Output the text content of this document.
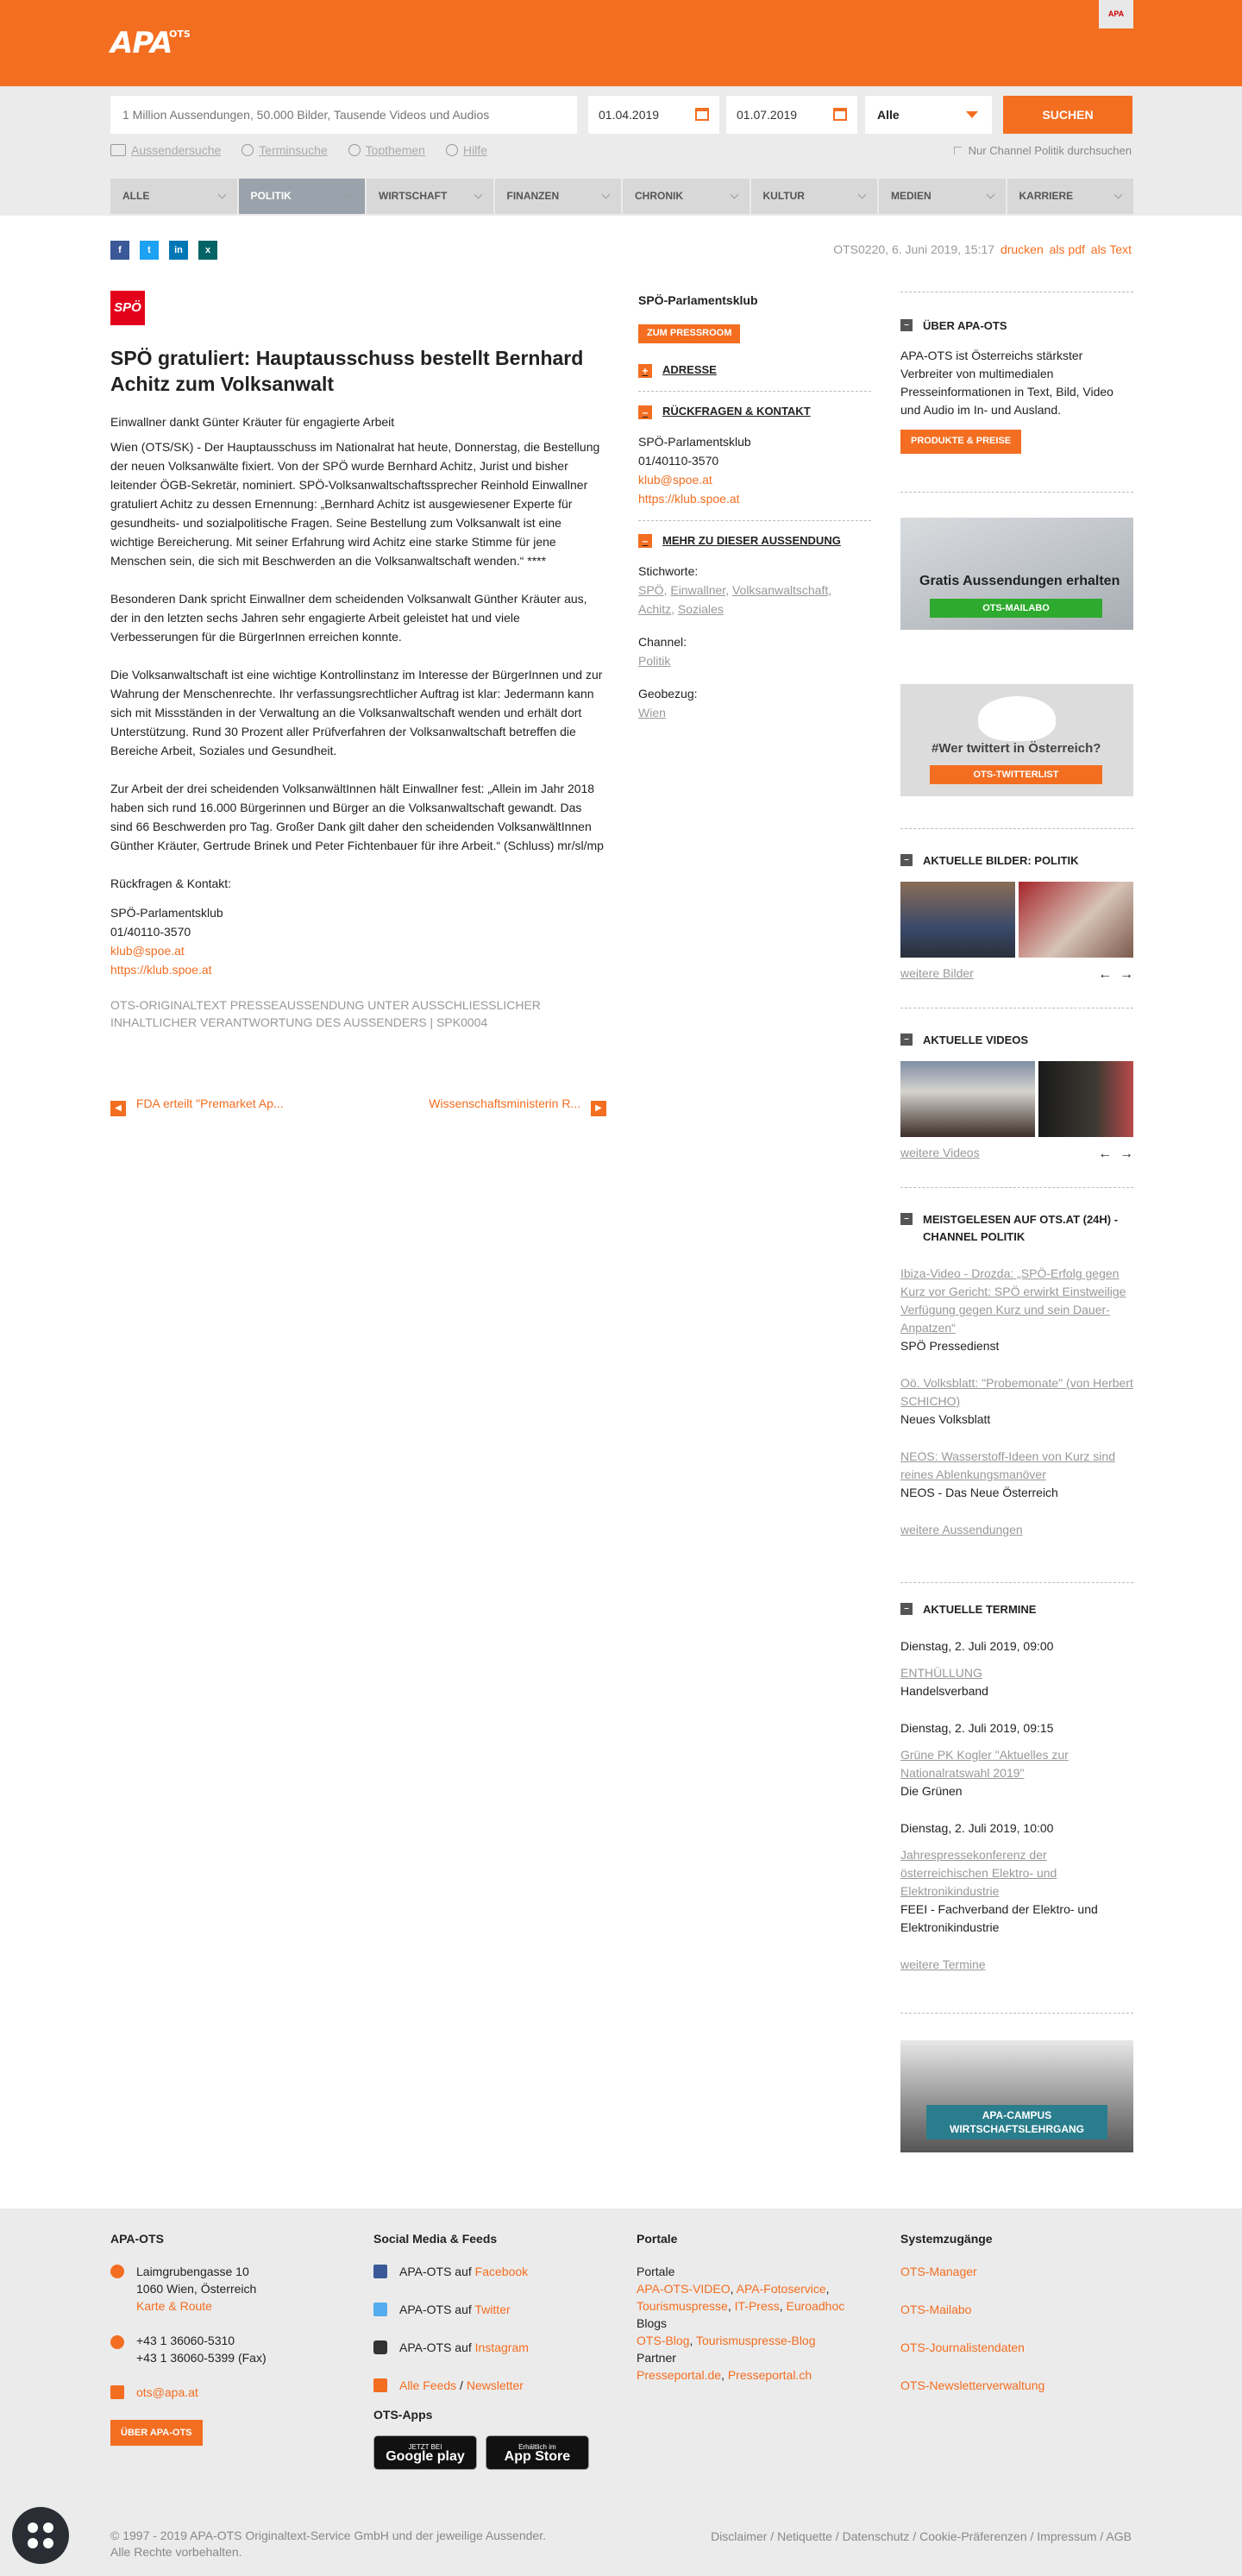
APA
OTS
APA
1 Million Aussendungen, 50.000 Bilder, Tausende Videos und Audios
01.04.2019	01.07.2019	Alle	SUCHEN
Aussendersuche	Terminsuche	Topthemen	Hilfe	Nur Channel Politik durchsuchen
ALLE	POLITIK	WIRTSCHAFT	FINANZEN	CHRONIK	KULTUR	MEDIEN	KARRIERE
f	t	in	x	OTS0220, 6. Juni 2019, 15:17 drucken als pdf als Text
SPÖ
SPÖ gratuliert: Hauptausschuss bestellt Bernhard Achitz zum Volksanwalt
Einwallner dankt Günter Kräuter für engagierte Arbeit

Wien (OTS/SK) - Der Hauptausschuss im Nationalrat hat heute, Donnerstag, die Bestellung der neuen Volksanwälte fixiert. Von der SPÖ wurde Bernhard Achitz, Jurist und bisher leitender ÖGB-Sekretär, nominiert. SPÖ-Volksanwaltschaftssprecher Reinhold Einwallner gratuliert Achitz zu dessen Ernennung: „Bernhard Achitz ist ausgewiesener Experte für gesundheits- und sozialpolitische Fragen. Seine Bestellung zum Volksanwalt ist eine wichtige Bereicherung. Mit seiner Erfahrung wird Achitz eine starke Stimme für jene Menschen sein, die sich mit Beschwerden an die Volksanwaltschaft wenden.“ ****

Besonderen Dank spricht Einwallner dem scheidenden Volksanwalt Günther Kräuter aus, der in den letzten sechs Jahren sehr engagierte Arbeit geleistet hat und viele Verbesserungen für die BürgerInnen erreichen konnte.

Die Volksanwaltschaft ist eine wichtige Kontrollinstanz im Interesse der BürgerInnen und zur Wahrung der Menschenrechte. Ihr verfassungsrechtlicher Auftrag ist klar: Jedermann kann sich mit Missständen in der Verwaltung an die Volksanwaltschaft wenden und erhält dort Unterstützung. Rund 30 Prozent aller Prüfverfahren der Volksanwaltschaft betreffen die Bereiche Arbeit, Soziales und Gesundheit.

Zur Arbeit der drei scheidenden VolksanwältInnen hält Einwallner fest: „Allein im Jahr 2018 haben sich rund 16.000 Bürgerinnen und Bürger an die Volksanwaltschaft gewandt. Das sind 66 Beschwerden pro Tag. Großer Dank gilt daher den scheidenden VolksanwältInnen Günther Kräuter, Gertrude Brinek und Peter Fichtenbauer für ihre Arbeit.“ (Schluss) mr/sl/mp

Rückfragen & Kontakt:
SPÖ-Parlamentsklub
01/40110-3570
klub@spoe.at
https://klub.spoe.at
OTS-ORIGINALTEXT PRESSEAUSSENDUNG UNTER AUSSCHLIESSLICHER INHALTLICHER VERANTWORTUNG DES AUSSENDERS | SPK0004
◀ FDA erteilt "Premarket Ap...	Wissenschaftsministerin R... ▶
SPÖ-Parlamentsklub
ZUM PRESSROOM
+	ADRESSE
–	RÜCKFRAGEN & KONTAKT
SPÖ-Parlamentsklub
01/40110-3570
klub@spoe.at
https://klub.spoe.at
–	MEHR ZU DIESER AUSSENDUNG
Stichworte:
SPÖ, Einwallner, Volksanwaltschaft,
Achitz, Soziales
Channel:
Politik
Geobezug:
Wien
–	ÜBER APA-OTS
APA-OTS ist Österreichs stärkster Verbreiter von multimedialen Presseinformationen in Text, Bild, Video und Audio im In- und Ausland.
PRODUKTE & PREISE
Gratis Aussendungen erhalten
OTS-MAILABO
#Wer twittert in Österreich?
OTS-TWITTERLIST
–	AKTUELLE BILDER: POLITIK
weitere Bilder	←  →
–	AKTUELLE VIDEOS
weitere Videos	←  →
–	MEISTGELESEN AUF OTS.AT (24H) - CHANNEL POLITIK
Ibiza-Video - Drozda: „SPÖ-Erfolg gegen Kurz vor Gericht: SPÖ erwirkt Einstweilige Verfügung gegen Kurz und sein Dauer-Anpatzen“
SPÖ Pressedienst
Oö. Volksblatt: "Probemonate" (von Herbert SCHICHO)
Neues Volksblatt
NEOS: Wasserstoff-Ideen von Kurz sind reines Ablenkungsmanöver
NEOS - Das Neue Österreich
weitere Aussendungen
–	AKTUELLE TERMINE
Dienstag, 2. Juli 2019, 09:00
ENTHÜLLUNG
Handelsverband
Dienstag, 2. Juli 2019, 09:15
Grüne PK Kogler "Aktuelles zur Nationalratswahl 2019"
Die Grünen
Dienstag, 2. Juli 2019, 10:00
Jahrespressekonferenz der österreichischen Elektro- und Elektronikindustrie
FEEI - Fachverband der Elektro- und Elektronikindustrie
weitere Termine
APA-CAMPUS WIRTSCHAFTSLEHRGANG
APA-OTS
Laimgrubengasse 10
1060 Wien, Österreich
Karte & Route
+43 1 36060-5310
+43 1 36060-5399 (Fax)
ots@apa.at
ÜBER APA-OTS
Social Media & Feeds
APA-OTS auf Facebook
APA-OTS auf Twitter
APA-OTS auf Instagram
Alle Feeds / Newsletter
OTS-Apps
JETZT BEI
Google play
Erhältlich im
App Store
Portale
Portale
APA-OTS-VIDEO, APA-Fotoservice,
Tourismuspresse, IT-Press, Euroadhoc
Blogs
OTS-Blog, Tourismuspresse-Blog
Partner
Presseportal.de, Presseportal.ch
Systemzugänge
OTS-Manager
OTS-Mailabo
OTS-Journalistendaten
OTS-Newsletterverwaltung
© 1997 - 2019 APA-OTS Originaltext-Service GmbH und der jeweilige Aussender.
Alle Rechte vorbehalten.
Disclaimer / Netiquette / Datenschutz / Cookie-Präferenzen / Impressum / AGB
